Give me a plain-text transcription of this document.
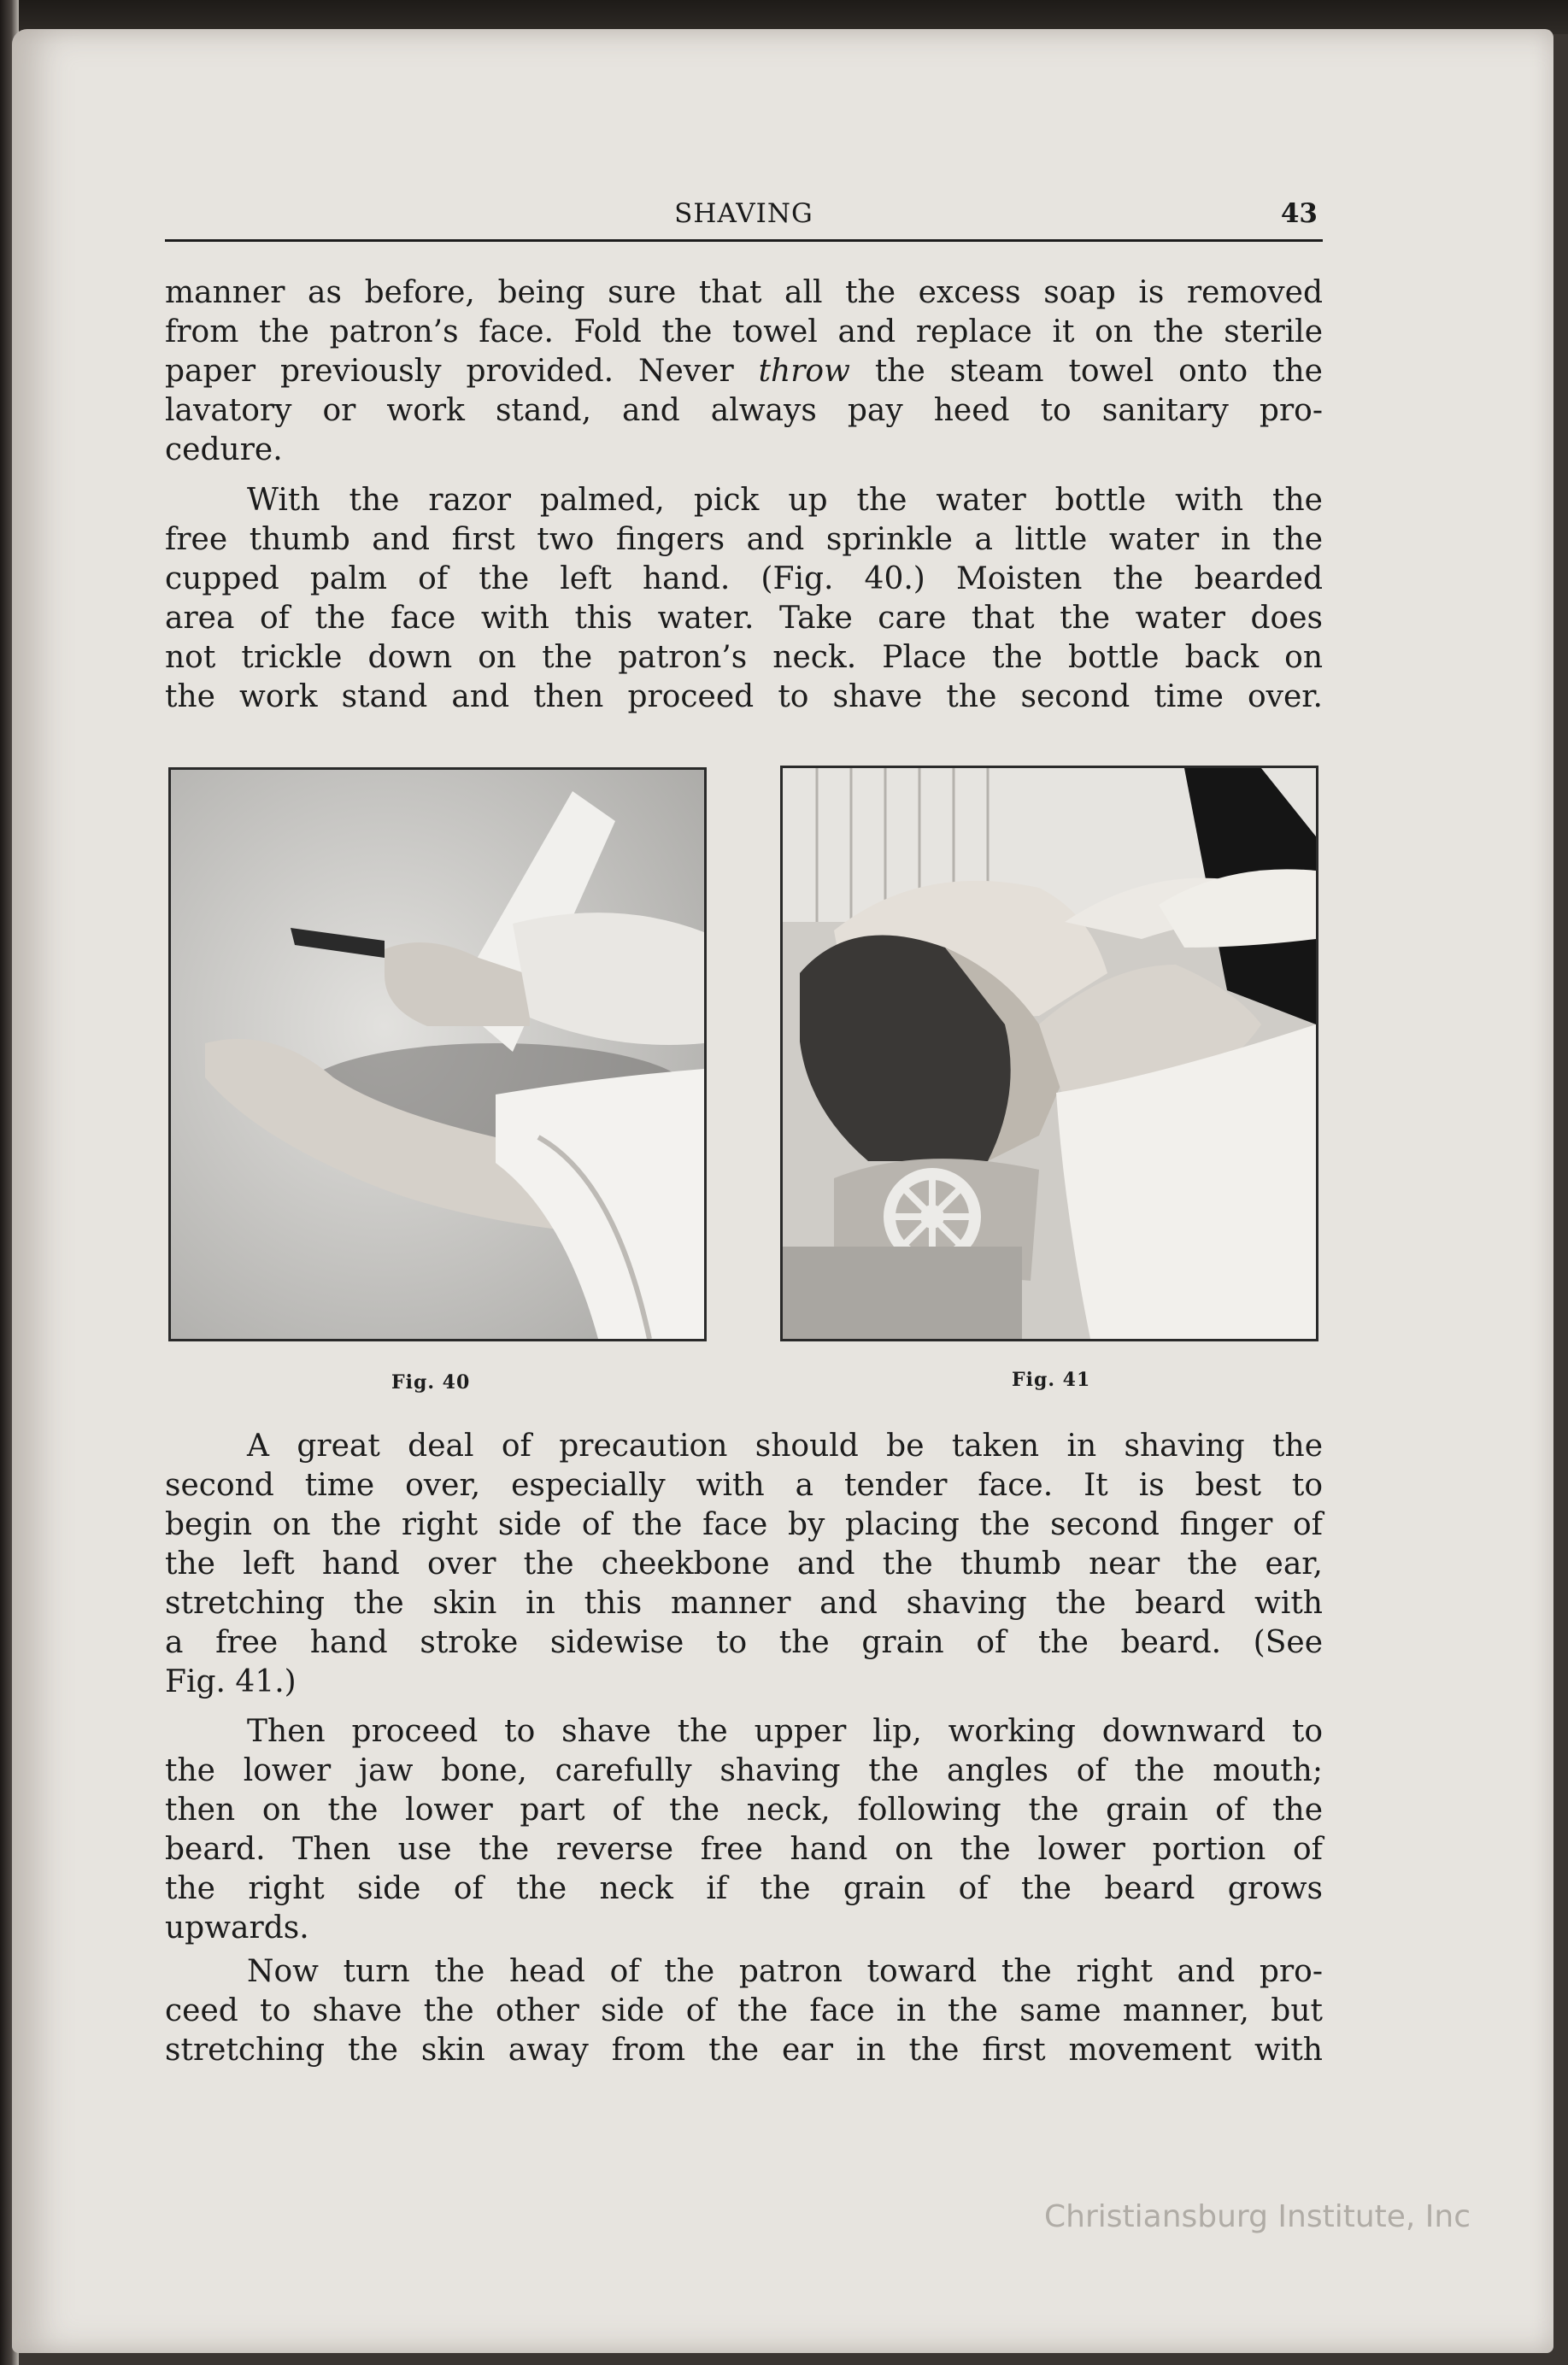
SHAVING	43
manner as before, being sure that all the excess soap is removed
from the patron’s face. Fold the towel and replace it on the sterile
paper previously provided. Never throw the steam towel onto the
lavatory or work stand, and always pay heed to sanitary pro-
cedure.
With the razor palmed, pick up the water bottle with the
free thumb and first two fingers and sprinkle a little water in the
cupped palm of the left hand. (Fig. 40.) Moisten the bearded
area of the face with this water. Take care that the water does
not trickle down on the patron’s neck. Place the bottle back on
the work stand and then proceed to shave the second time over.
Fig. 40	Fig. 41
A great deal of precaution should be taken in shaving the
second time over, especially with a tender face. It is best to
begin on the right side of the face by placing the second finger of
the left hand over the cheekbone and the thumb near the ear,
stretching the skin in this manner and shaving the beard with
a free hand stroke sidewise to the grain of the beard. (See
Fig. 41.)
Then proceed to shave the upper lip, working downward to
the lower jaw bone, carefully shaving the angles of the mouth;
then on the lower part of the neck, following the grain of the
beard. Then use the reverse free hand on the lower portion of
the right side of the neck if the grain of the beard grows
upwards.
Now turn the head of the patron toward the right and pro-
ceed to shave the other side of the face in the same manner, but
stretching the skin away from the ear in the first movement with
Christiansburg Institute, Inc
